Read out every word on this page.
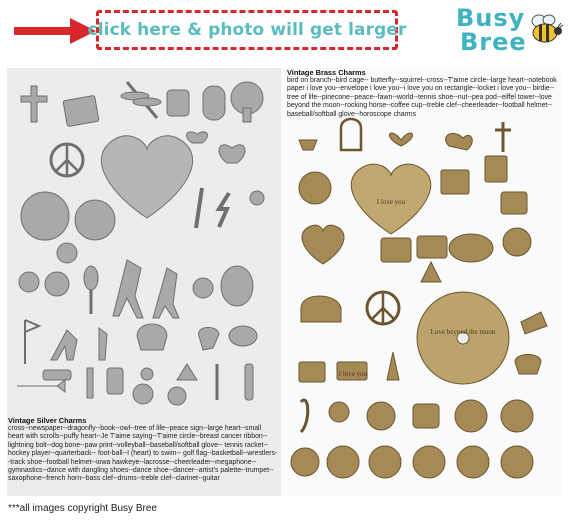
click here & photo will get larger Busy
Bree
Vintage Silver Charms
cross--newspaper--dragonfly--book--owl--tree of life--peace sign--large heart--small heart with scrolls--puffy heart--Je T'aime saying--T'aime circle--breast cancer ribbon--lightning bolt--dog bone--paw print--volleyball--baseball/softball glove-- tennis racket--hockey player--quarterback-- foot-ball--I (heart) to swim-- golf flag--basketball--wrestlers--track shoe--football helmet--iowa hawkeye--lacrosse--cheerleader--megaphone--gymnastics--dance with dangling shoes--dance shoe--dancer--artist's palette--trumpet--saxophone--french horn--bass clef--drums--treble clef--clarinet--guitar
Vintage Brass Charms
bird on branch--bird cage-- butterfly--squirrel--cross--T'aime circle--large heart--notebook paper i love you--envelope i love you--i love you on rectangle--locket i love you-- birdie--tree of life--pinecone--peace--fawn--world--tennis shoe--nut--pea pod--eiffel tower--love beyond the moon--rocking horse--coffee cup--treble clef--cheerleader--football helmet--baseball/softball glove--horoscope charms
I love you
Love beyond the moon
I love you
***all images copyright Busy Bree
